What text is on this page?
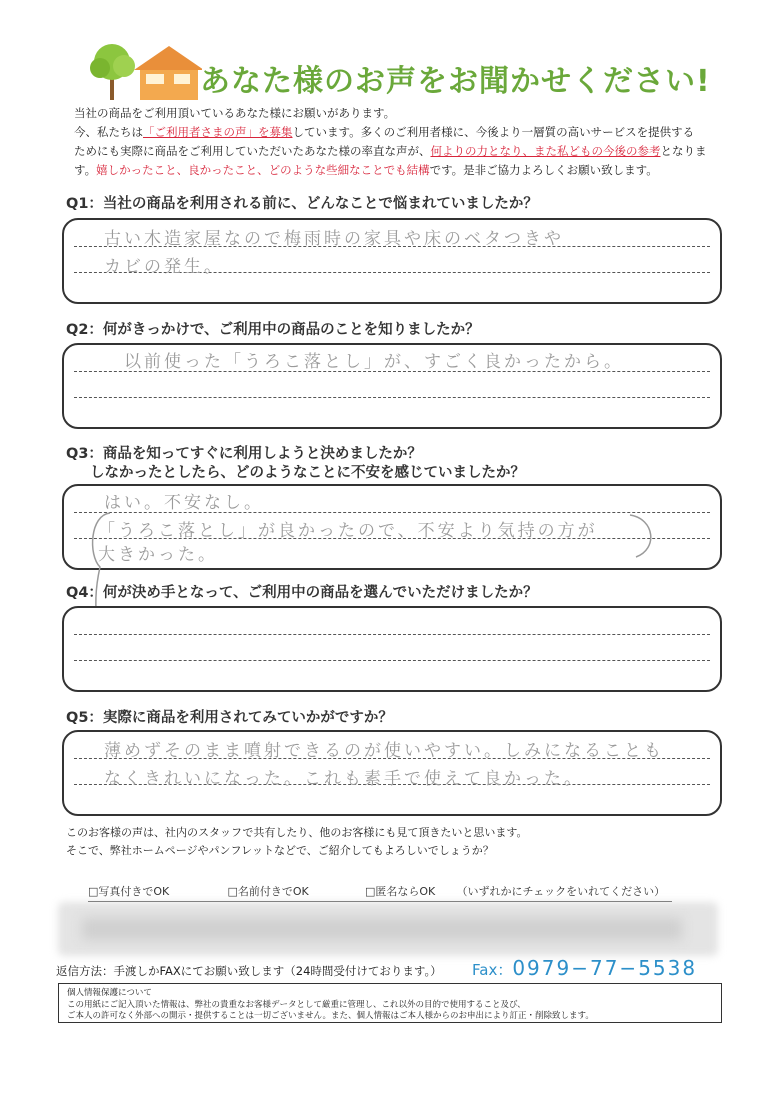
あなた様のお声をお聞かせください!

当社の商品をご利用頂いているあなた様にお願いがあります。

今、私たちは「ご利用者さまの声」を募集しています。多くのご利用者様に、今後より一層質の高いサービスを提供する

ためにも実際に商品をご利用していただいたあなた様の率直な声が、何よりの力となり、また私どもの今後の参考となりま

す。嬉しかったこと、良かったこと、どのような些細なことでも結構です。是非ご協力よろしくお願い致します。

Q1：当社の商品を利用される前に、どんなことで悩まれていましたか？
古い木造家屋なので梅雨時の家具や床のベタつきや
カビの発生。
Q2：何がきっかけで、ご利用中の商品のことを知りましたか？
以前使った「うろこ落とし」が、すごく良かったから。
Q3：商品を知ってすぐに利用しようと決めましたか？
しなかったとしたら、どのようなことに不安を感じていましたか？
はい。不安なし。
「うろこ落とし」が良かったので、不安より気持の方が
大きかった。
Q4：何が決め手となって、ご利用中の商品を選んでいただけましたか？
Q5：実際に商品を利用されてみていかがですか？
薄めずそのまま噴射できるのが使いやすい。しみになることも
なくきれいになった。これも素手で使えて良かった。

このお客様の声は、社内のスタッフで共有したり、他のお客様にも見て頂きたいと思います。

そこで、弊社ホームページやパンフレットなどで、ご紹介してもよろしいでしょうか？

□写真付きでOK	□名前付きでOK	□匿名ならOK （いずれかにチェックをいれてください）
返信方法：手渡しかFAXにてお願い致します（24時間受付けております。） Fax：0979−77−5538

個人情報保護について

この用紙にご記入頂いた情報は、弊社の貴重なお客様データとして厳重に管理し、これ以外の目的で使用すること及び、

ご本人の許可なく外部への開示・提供することは一切ございません。また、個人情報はご本人様からのお申出により訂正・削除致します。
